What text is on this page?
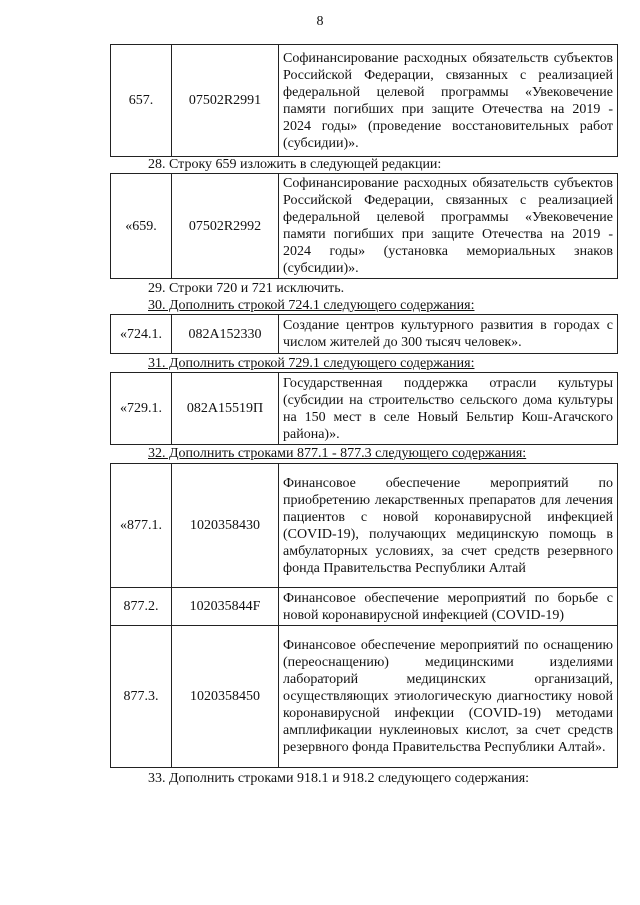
8
657.	07502R2991	Софинансирование расходных обязательств субъектов Российской Федерации, связанных с реализацией федеральной целевой программы «Увековечение памяти погибших при защите Отечества на 2019 - 2024 годы» (проведение восстановительных работ (субсидии)».
28. Строку 659 изложить в следующей редакции:
«659.	07502R2992	Софинансирование расходных обязательств субъектов Российской Федерации, связанных с реализацией федеральной целевой программы «Увековечение памяти погибших при защите Отечества на 2019 - 2024 годы» (установка мемориальных знаков (субсидии)».
29. Строки 720 и 721 исключить.
30. Дополнить строкой 724.1 следующего содержания:
«724.1.	082A152330	Создание центров культурного развития в городах с числом жителей до 300 тысяч человек».
31. Дополнить строкой 729.1 следующего содержания:
«729.1.	082A15519П	Государственная поддержка отрасли культуры (субсидии на строительство сельского дома культуры на 150 мест в селе Новый Бельтир Кош-Агачского района)».
32. Дополнить строками 877.1 - 877.3 следующего содержания:
«877.1.	1020358430	Финансовое обеспечение мероприятий по приобретению лекарственных препаратов для лечения пациентов с новой коронавирусной инфекцией (COVID-19), получающих медицинскую помощь в амбулаторных условиях, за счет средств резервного фонда Правительства Республики Алтай
877.2.	102035844F	Финансовое обеспечение мероприятий по борьбе с новой коронавирусной инфекцией (COVID-19)
877.3.	1020358450	Финансовое обеспечение мероприятий по оснащению (переоснащению) медицинскими изделиями лабораторий медицинских организаций, осуществляющих этиологическую диагностику новой коронавирусной инфекции (COVID-19) методами амплификации нуклеиновых кислот, за счет средств резервного фонда Правительства Республики Алтай».
33. Дополнить строками 918.1 и 918.2 следующего содержания:
